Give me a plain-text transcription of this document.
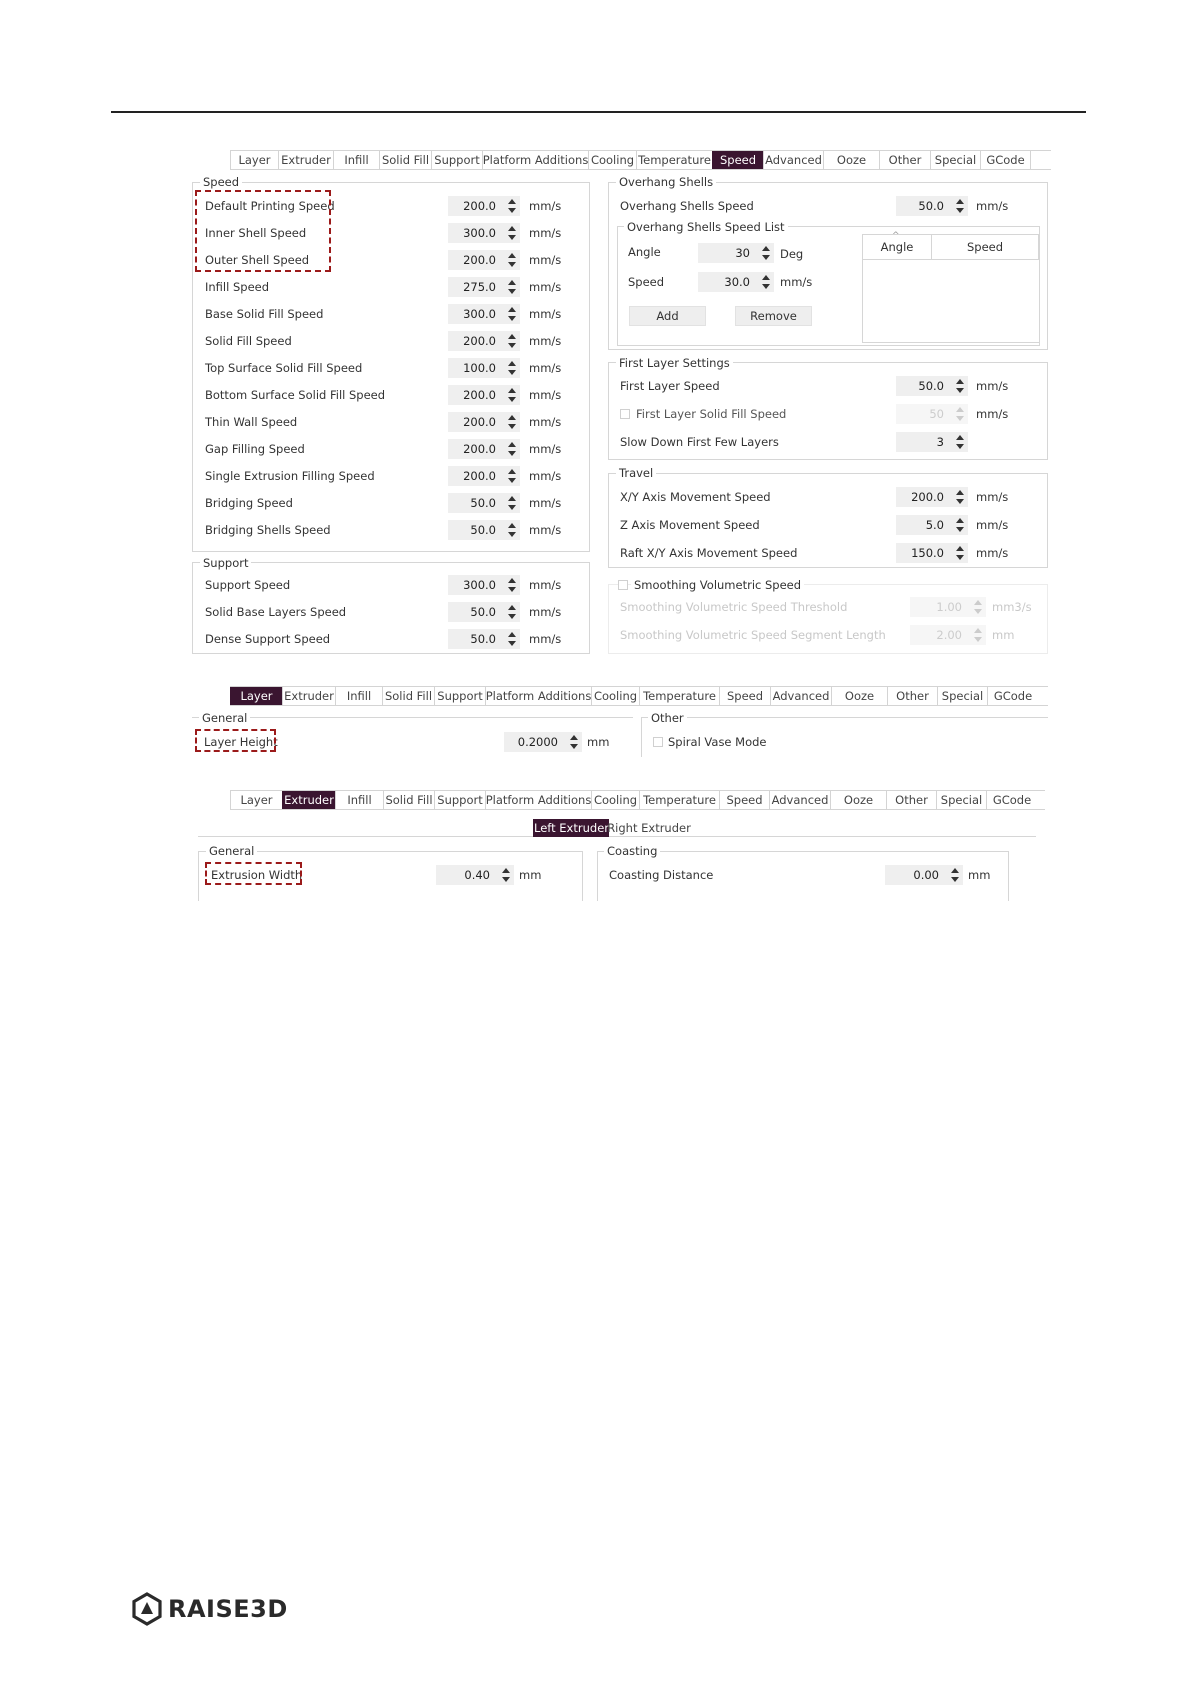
Layer Extruder	Infill	Solid Fill Support Platform Additions Cooling Temperature Speed Advanced	Ooze	Other	Special GCode
Speed
Default Printing Speed	200.0	mm/s
Inner Shell Speed	300.0	mm/s
Outer Shell Speed	200.0	mm/s
Infill Speed	275.0	mm/s
Base Solid Fill Speed	300.0	mm/s
Solid Fill Speed	200.0	mm/s
Top Surface Solid Fill Speed	100.0	mm/s
Bottom Surface Solid Fill Speed	200.0	mm/s
Thin Wall Speed	200.0	mm/s
Gap Filling Speed	200.0	mm/s
Single Extrusion Filling Speed	200.0	mm/s
Bridging Speed	50.0	mm/s
Bridging Shells Speed	50.0	mm/s
Support
Support Speed	300.0	mm/s
Solid Base Layers Speed	50.0	mm/s
Dense Support Speed	50.0	mm/s
Overhang Shells
Overhang Shells Speed	50.0	mm/s
Overhang Shells Speed List
Angle	30	Deg
Speed	30.0	mm/s
Add	Remove
Angle	Speed
^
First Layer Settings
First Layer Speed	50.0	mm/s
First Layer Solid Fill Speed	50	mm/s
Slow Down First Few Layers	3
Travel
X/Y Axis Movement Speed	200.0	mm/s
Z Axis Movement Speed	5.0	mm/s
Raft X/Y Axis Movement Speed	150.0	mm/s
Smoothing Volumetric Speed
Smoothing Volumetric Speed Threshold	1.00	mm3/s
Smoothing Volumetric Speed Segment Length	2.00	mm
Layer	Extruder	Infill	Solid Fill Support Platform Additions Cooling Temperature Speed Advanced	Ooze	Other	Special GCode
General
Layer Height	0.2000	mm
Other
Spiral Vase Mode
Layer	Extruder	Infill	Solid Fill Support Platform Additions Cooling Temperature Speed Advanced	Ooze	Other	Special GCode
Left Extruder
Right Extruder
General
Extrusion Width	0.40	mm
Coasting
Coasting Distance	0.00	mm
RAISE3D
